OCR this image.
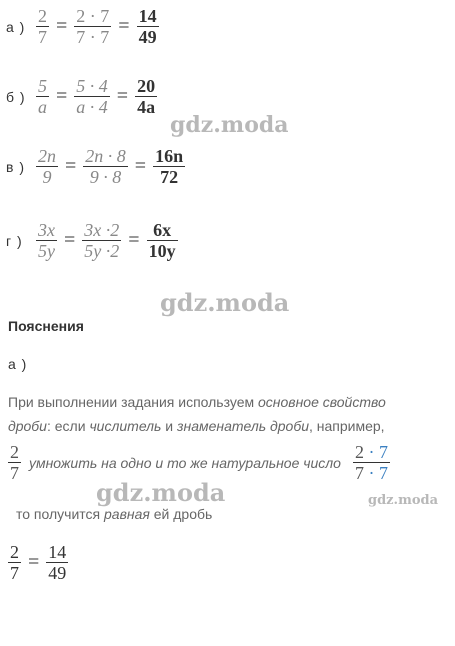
а ) $\frac{2}{7} = \frac{2 \cdot 7}{7 \cdot 7} = \frac{14}{49}$
б ) $\frac{5}{a} = \frac{5 \cdot 4}{a \cdot 4} = \frac{20}{4a}$
в ) $\frac{2n}{9} = \frac{2n \cdot 8}{9 \cdot 8} = \frac{16n}{72}$
г ) $\frac{3x}{5y} = \frac{3x \cdot 2}{5y \cdot 2} = \frac{6x}{10y}$
gdz.moda
gdz.moda
gdz.moda	gdz.moda
Пояснения
а )
При выполнении задания используем основное свойство
дроби: если числитель и знаменатель дроби, например,
$\frac{2}{7}$ умножить на одно и то же натуральное число $\frac{2 \cdot 7}{7 \cdot 7}$
то получится равная ей дробь
$\frac{2}{7} = \frac{14}{49}$
